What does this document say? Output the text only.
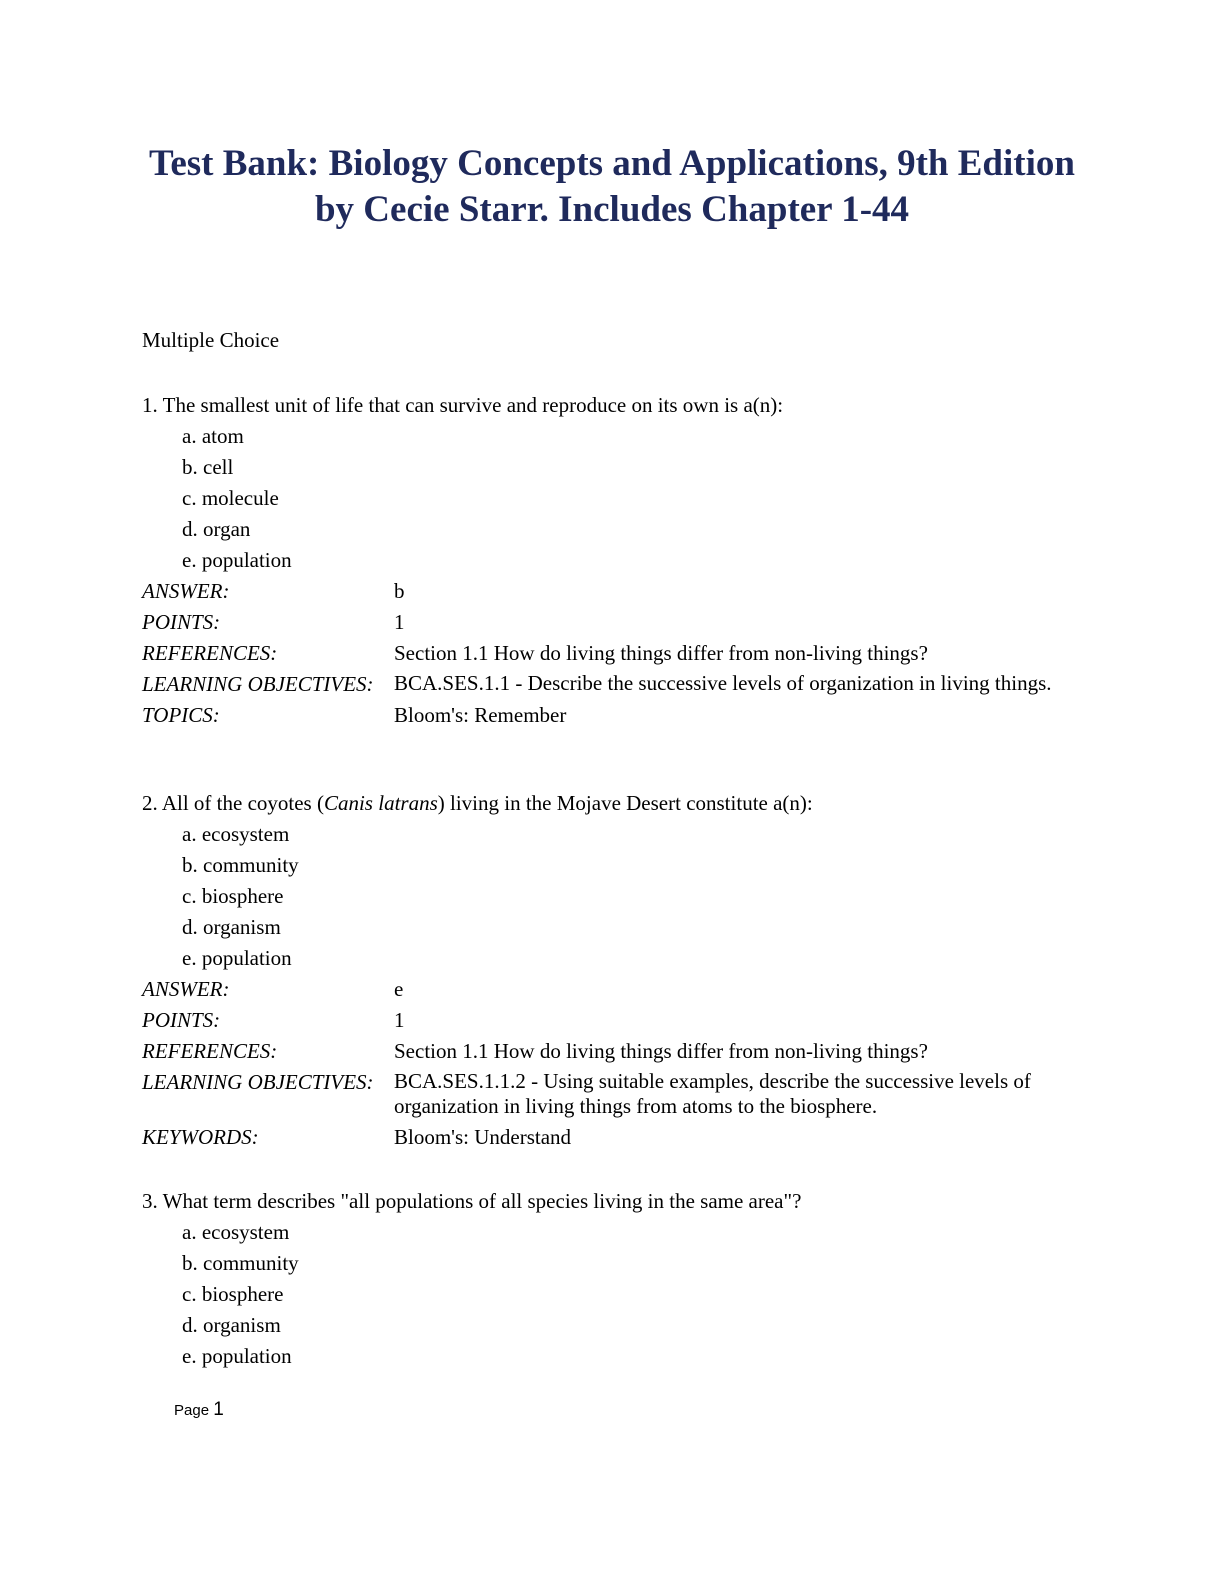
Test Bank: Biology Concepts and Applications, 9th Edition
by Cecie Starr. Includes Chapter 1-44

Multiple Choice

1. The smallest unit of life that can survive and reproduce on its own is a(n):

a. atom
b. cell
c. molecule
d. organ
e. population
ANSWER:	b
POINTS:	1
REFERENCES:	Section 1.1 How do living things differ from non-living things?
LEARNING OBJECTIVES: BCA.SES.1.1 - Describe the successive levels of organization in living things.
TOPICS:	Bloom's: Remember

2. All of the coyotes (Canis latrans) living in the Mojave Desert constitute a(n):

a. ecosystem
b. community
c. biosphere
d. organism
e. population
ANSWER:	e
POINTS:	1
REFERENCES:	Section 1.1 How do living things differ from non-living things?
LEARNING OBJECTIVES: BCA.SES.1.1.2 - Using suitable examples, describe the successive levels of organization in living things from atoms to the biosphere.
KEYWORDS:	Bloom's: Understand

3. What term describes "all populations of all species living in the same area"?

a. ecosystem
b. community
c. biosphere
d. organism
e. population
Page 1
